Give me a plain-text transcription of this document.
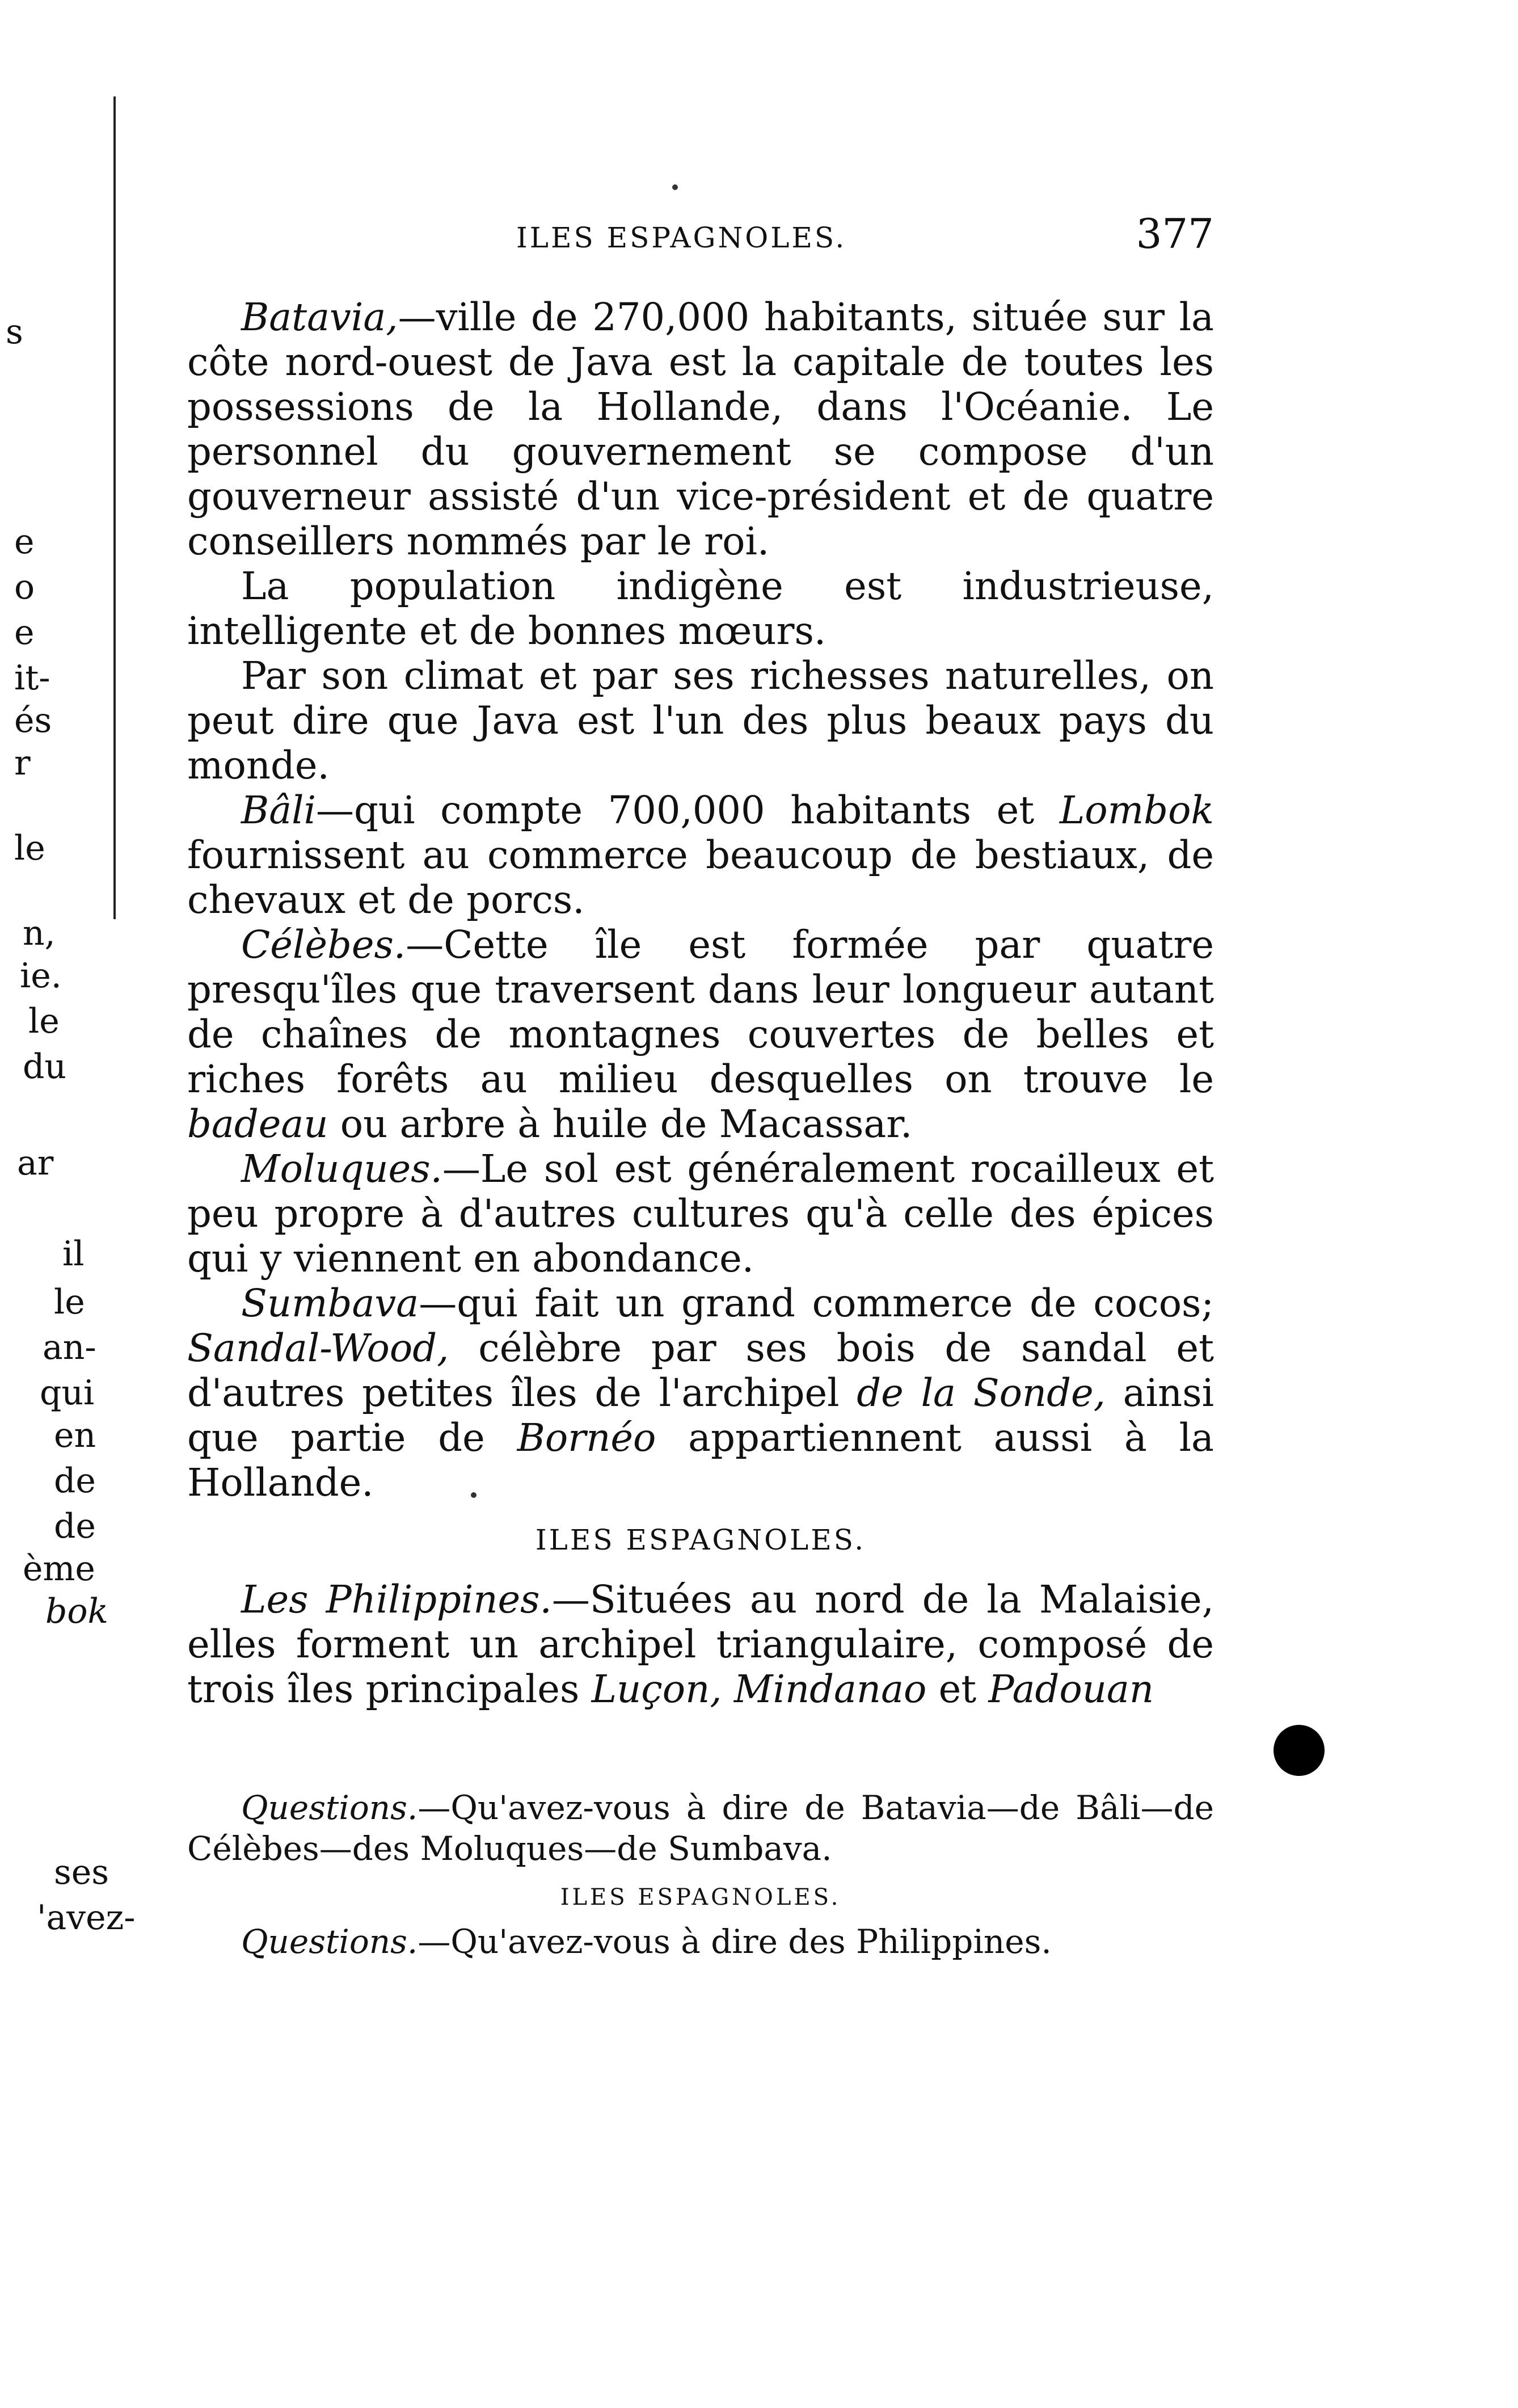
s
e
o
e
it-
és
r
le
n,
ie.
le
du
ar
il
le
an-
qui
en
de
de
ème
bok
ses
'avez-
ILES ESPAGNOLES.	377

Batavia,—ville de 270,000 habitants, située sur la côte nord-ouest de Java est la capitale de toutes les possessions de la Hollande, dans l'Océanie. Le personnel du gouvernement se compose d'un gouverneur assisté d'un vice-président et de quatre conseillers nommés par le roi.

La population indigène est industrieuse, intelligente et de bonnes mœurs.

Par son climat et par ses richesses naturelles, on peut dire que Java est l'un des plus beaux pays du monde.

Bâli—qui compte 700,000 habitants et Lombok fournissent au commerce beaucoup de bestiaux, de chevaux et de porcs.

Célèbes.—Cette île est formée par quatre presqu'îles que traversent dans leur longueur autant de chaînes de montagnes couvertes de belles et riches forêts au milieu desquelles on trouve le badeau ou arbre à huile de Macassar.

Moluques.—Le sol est généralement rocailleux et peu propre à d'autres cultures qu'à celle des épices qui y viennent en abondance.

Sumbava—qui fait un grand commerce de cocos; Sandal-Wood, célèbre par ses bois de sandal et d'autres petites îles de l'archipel de la Sonde, ainsi que partie de Bornéo appartiennent aussi à la Hollande.

ILES ESPAGNOLES.

Les Philippines.—Situées au nord de la Malaisie, elles forment un archipel triangulaire, composé de trois îles principales Luçon, Mindanao et Padouan

Questions.—Qu'avez-vous à dire de Batavia—de Bâli—de Célèbes—des Moluques—de Sumbava.

ILES ESPAGNOLES.

Questions.—Qu'avez-vous à dire des Philippines.
